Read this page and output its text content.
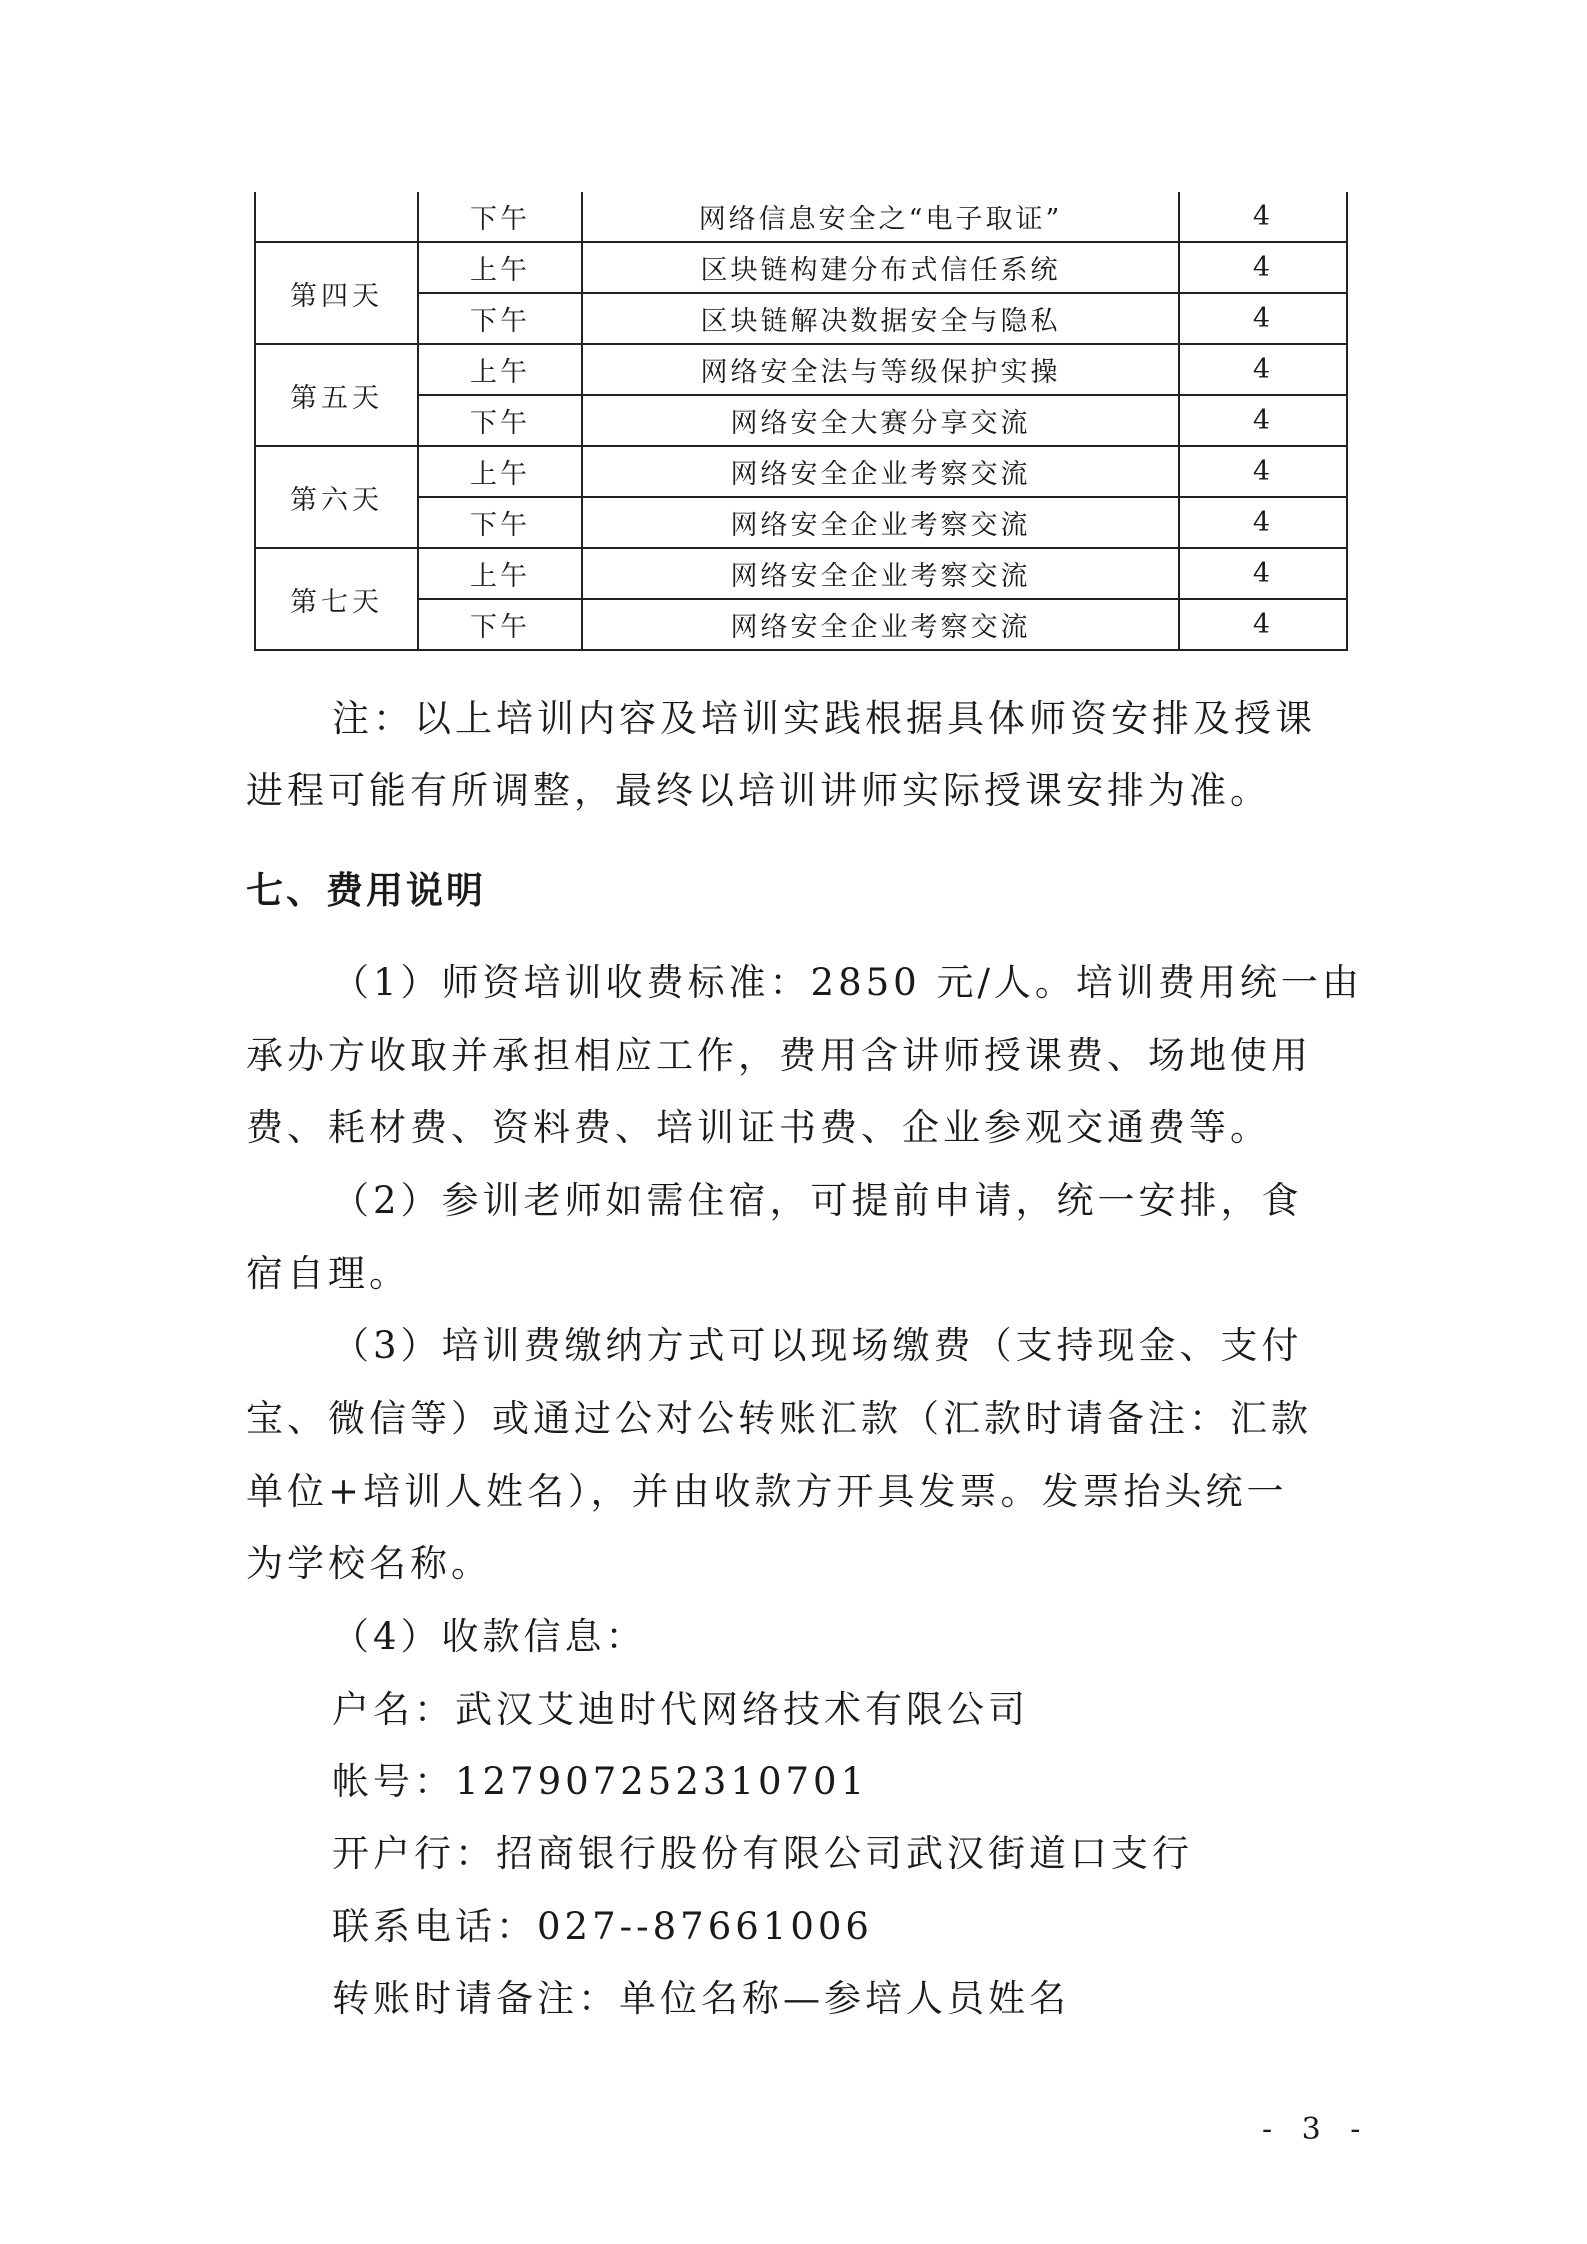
	下午	网络信息安全之“电子取证”	4
第四天	上午	区块链构建分布式信任系统	4
	下午	区块链解决数据安全与隐私	4
第五天	上午	网络安全法与等级保护实操	4
	下午	网络安全大赛分享交流	4
第六天	上午	网络安全企业考察交流	4
	下午	网络安全企业考察交流	4
第七天	上午	网络安全企业考察交流	4
	下午	网络安全企业考察交流	4
注：以上培训内容及培训实践根据具体师资安排及授课
进程可能有所调整，最终以培训讲师实际授课安排为准。
七、费用说明
（1）师资培训收费标准：2850 元/人。培训费用统一由
承办方收取并承担相应工作，费用含讲师授课费、场地使用
费、耗材费、资料费、培训证书费、企业参观交通费等。
（2）参训老师如需住宿，可提前申请，统一安排，食
宿自理。
（3）培训费缴纳方式可以现场缴费（支持现金、支付
宝、微信等）或通过公对公转账汇款（汇款时请备注：汇款
单位+培训人姓名），并由收款方开具发票。发票抬头统一
为学校名称。
（4）收款信息：
户名：武汉艾迪时代网络技术有限公司
帐号：127907252310701
开户行：招商银行股份有限公司武汉街道口支行
联系电话：027--87661006
转账时请备注：单位名称—参培人员姓名
- 3 -
